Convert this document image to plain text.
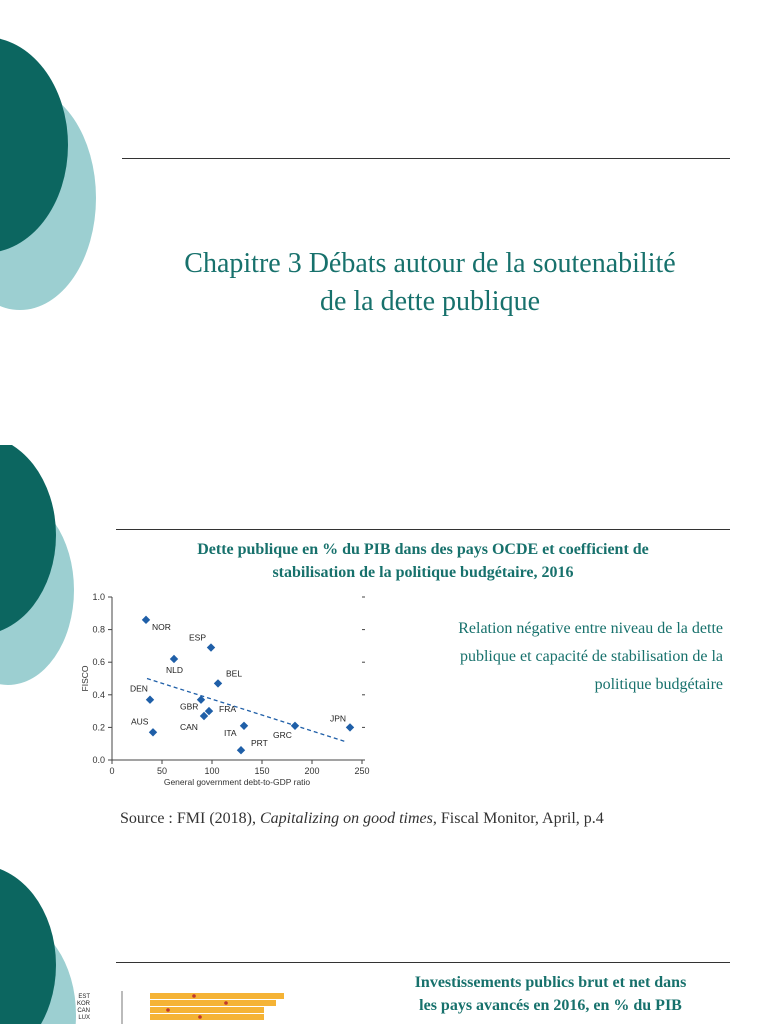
Chapitre 3 Débats autour de la soutenabilité
de la dette publique
Dette publique en % du PIB dans des pays OCDE et coefficient de
stabilisation de la politique budgétaire, 2016
0.0
0.2
0.4
0.6
0.8
1.0
0	50	100	150	200	250
General government debt-to-GDP ratio
FISCO
NOR
ESP
NLD	BEL
DEN
GBR FRA
CAN
ITA
AUS
PRT
GRC
JPN
Relation négative entre niveau de la dette
publique et capacité de stabilisation de la
politique budgétaire
Source : FMI (2018), Capitalizing on good times, Fiscal Monitor, April, p.4
Investissements publics brut et net dans
les pays avancés en 2016, en % du PIB
EST
KOR
CAN
LUX
